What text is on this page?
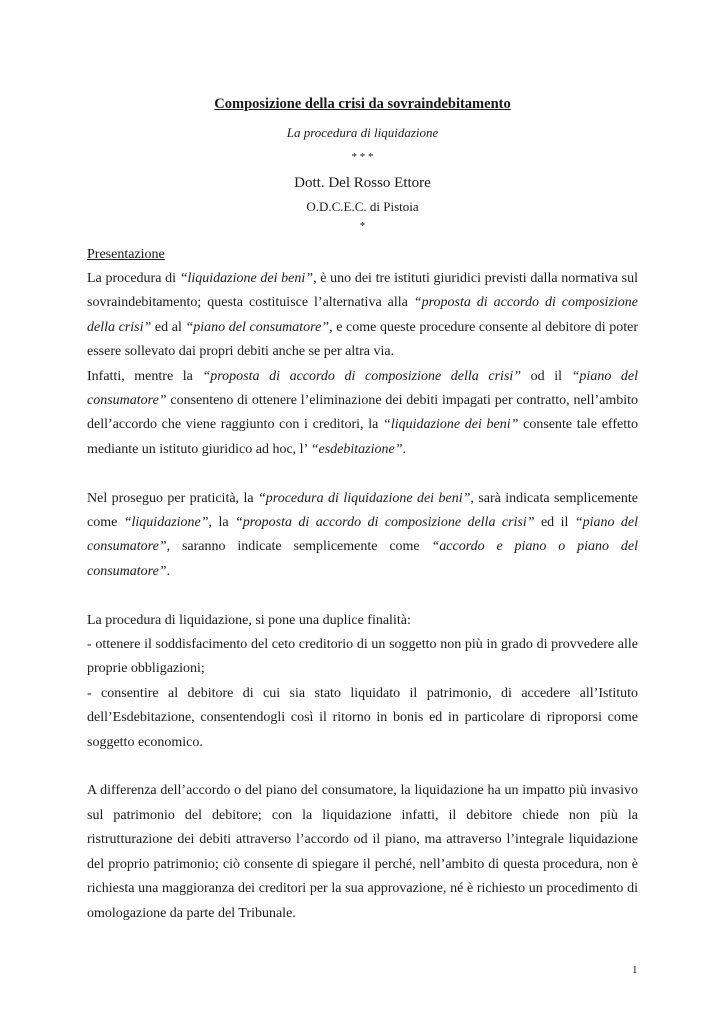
Composizione della crisi da sovraindebitamento
La procedura di liquidazione
* * *
Dott. Del Rosso Ettore
O.D.C.E.C. di Pistoia
*
Presentazione

La procedura di “liquidazione dei beni”, è uno dei tre istituti giuridici previsti dalla normativa sul sovraindebitamento; questa costituisce l’alternativa alla “proposta di accordo di composizione della crisi” ed al “piano del consumatore”, e come queste procedure consente al debitore di poter essere sollevato dai propri debiti anche se per altra via.

Infatti, mentre la “proposta di accordo di composizione della crisi” od il “piano del consumatore” consenteno di ottenere l’eliminazione dei debiti impagati per contratto, nell’ambito dell’accordo che viene raggiunto con i creditori, la “liquidazione dei beni” consente tale effetto mediante un istituto giuridico ad hoc, l’ “esdebitazione”.

Nel proseguo per praticità, la “procedura di liquidazione dei beni”, sarà indicata semplicemente come “liquidazione”, la “proposta di accordo di composizione della crisi” ed il “piano del consumatore”, saranno indicate semplicemente come “accordo e piano o piano del consumatore”.

La procedura di liquidazione, si pone una duplice finalità:

- ottenere il soddisfacimento del ceto creditorio di un soggetto non più in grado di provvedere alle proprie obbligazioni;

- consentire al debitore di cui sia stato liquidato il patrimonio, di accedere all’Istituto dell’Esdebitazione, consentendogli così il ritorno in bonis ed in particolare di riproporsi come soggetto economico.

A differenza dell’accordo o del piano del consumatore, la liquidazione ha un impatto più invasivo sul patrimonio del debitore; con la liquidazione infatti, il debitore chiede non più la ristrutturazione dei debiti attraverso l’accordo od il piano, ma attraverso l’integrale liquidazione del proprio patrimonio; ciò consente di spiegare il perché, nell’ambito di questa procedura, non è richiesta una maggioranza dei creditori per la sua approvazione, né è richiesto un procedimento di omologazione da parte del Tribunale.

1
